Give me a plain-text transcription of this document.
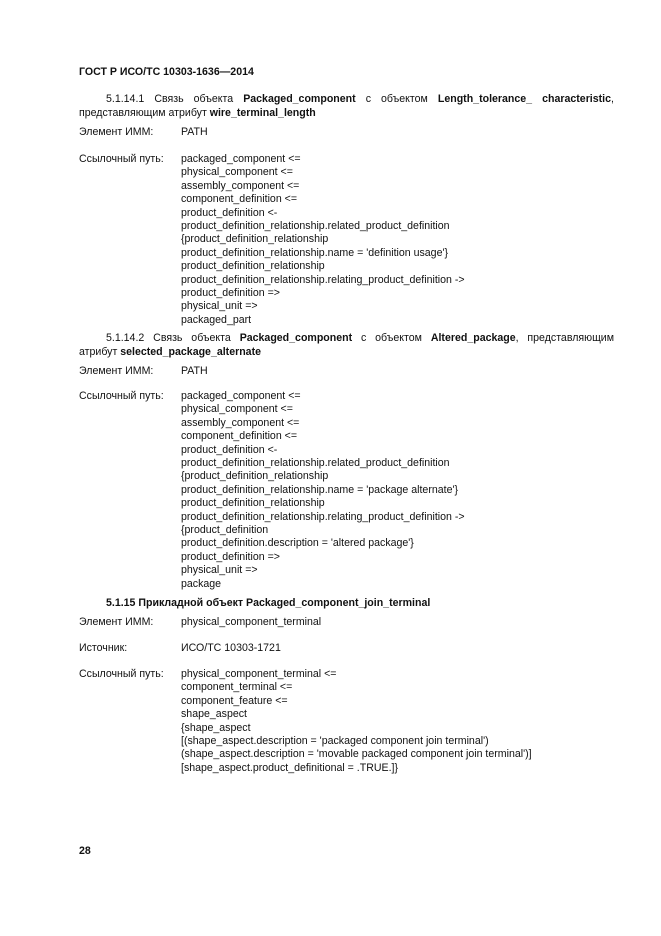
ГОСТ Р ИСО/ТС 10303-1636—2014
5.1.14.1 Связь объекта Packaged_component с объектом Length_tolerance_ characteristic,
представляющим атрибут wire_terminal_length
Элемент ИММ:	PATH
Ссылочный путь: packaged_component <=
physical_component <=
assembly_component <=
component_definition <=
product_definition <-
product_definition_relationship.related_product_definition
{product_definition_relationship
product_definition_relationship.name = 'definition usage'}
product_definition_relationship
product_definition_relationship.relating_product_definition ->
product_definition =>
physical_unit =>
packaged_part
5.1.14.2 Связь объекта Packaged_component с объектом Altered_package, представляющим
атрибут selected_package_alternate
Элемент ИММ:	PATH
Ссылочный путь: packaged_component <=
physical_component <=
assembly_component <=
component_definition <=
product_definition <-
product_definition_relationship.related_product_definition
{product_definition_relationship
product_definition_relationship.name = 'package alternate'}
product_definition_relationship
product_definition_relationship.relating_product_definition ->
{product_definition
product_definition.description = 'altered package'}
product_definition =>
physical_unit =>
package
5.1.15 Прикладной объект Packaged_component_join_terminal
Элемент ИММ:	physical_component_terminal
Источник:	ИСО/ТС 10303-1721
Ссылочный путь: physical_component_terminal <=
component_terminal <=
component_feature <=
shape_aspect
{shape_aspect
[(shape_aspect.description = 'packaged component join terminal')
(shape_aspect.description = 'movable packaged component join terminal')]
[shape_aspect.product_definitional = .TRUE.]}
28
